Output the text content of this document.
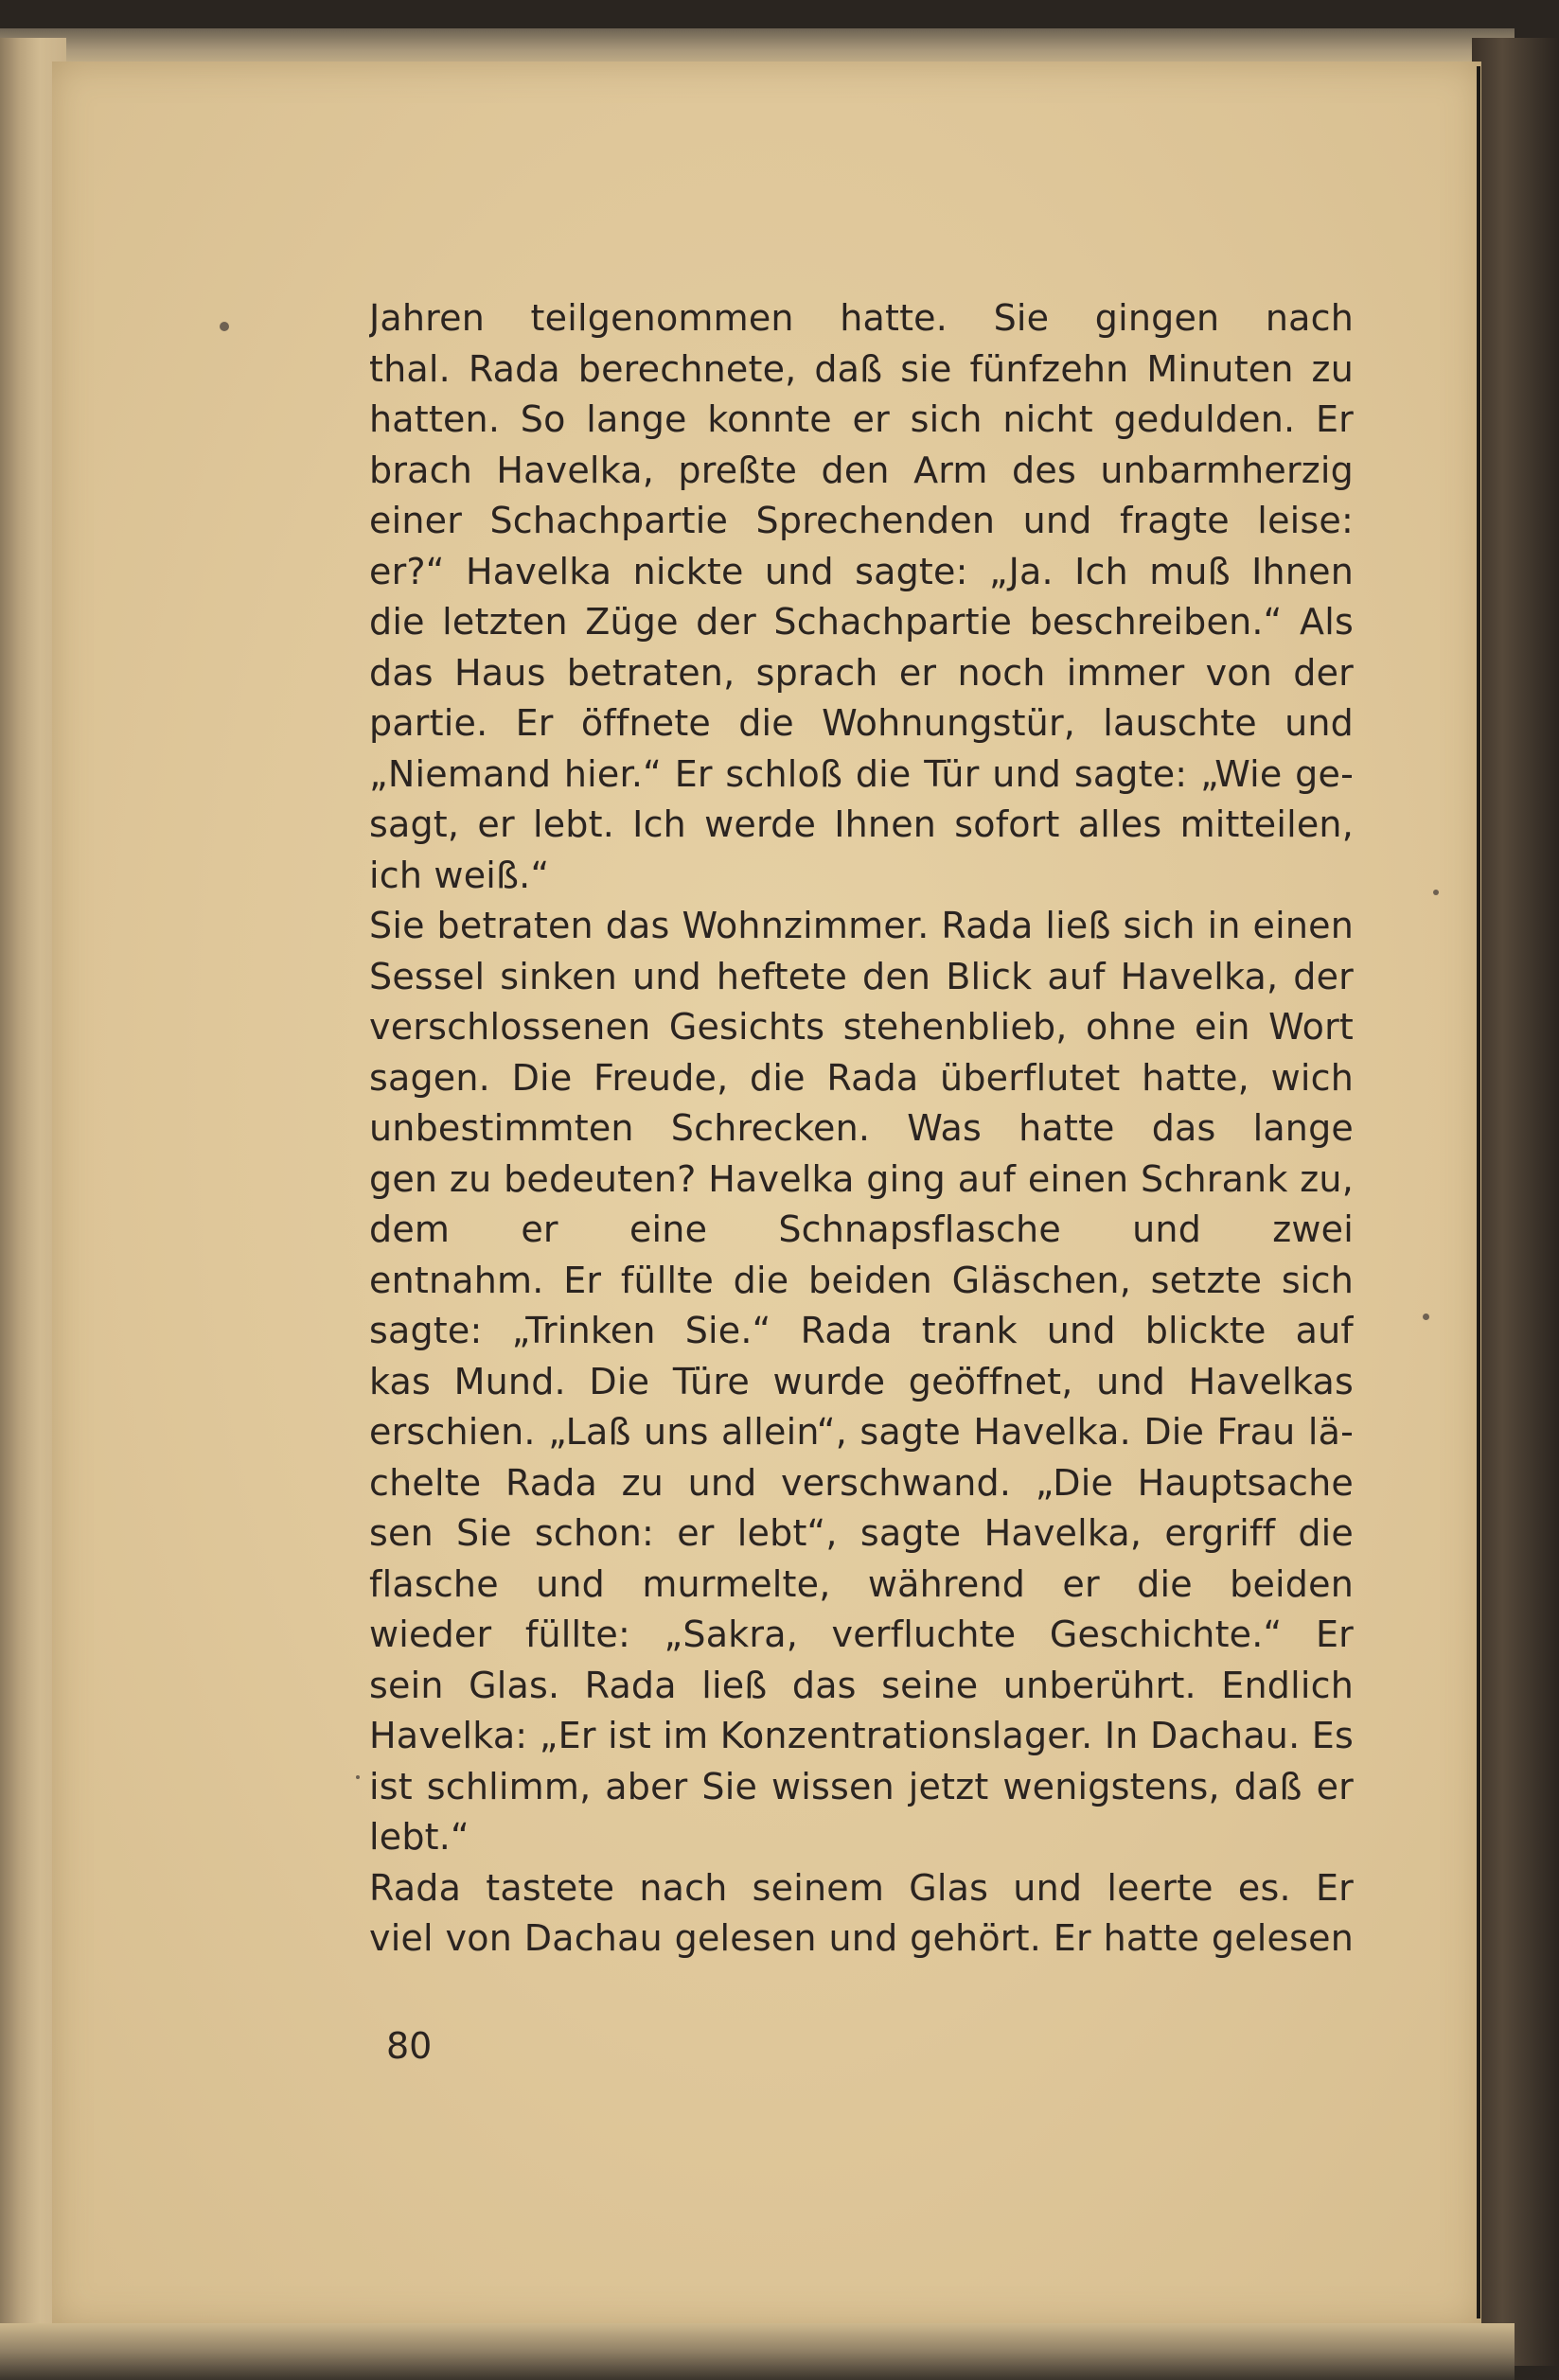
Jahren teilgenommen hatte. Sie gingen nach
thal. Rada berechnete, daß sie fünfzehn Minuten zu
hatten. So lange konnte er sich nicht gedulden. Er
brach Havelka, preßte den Arm des unbarmherzig
einer Schachpartie Sprechenden und fragte leise:
er?“ Havelka nickte und sagte: „Ja. Ich muß Ihnen
die letzten Züge der Schachpartie beschreiben.“ Als
das Haus betraten, sprach er noch immer von der
partie. Er öffnete die Wohnungstür, lauschte und
„Niemand hier.“ Er schloß die Tür und sagte: „Wie ge-
sagt, er lebt. Ich werde Ihnen sofort alles mitteilen,
ich weiß.“
Sie betraten das Wohnzimmer. Rada ließ sich in einen
Sessel sinken und heftete den Blick auf Havelka, der
verschlossenen Gesichts stehenblieb, ohne ein Wort
sagen. Die Freude, die Rada überflutet hatte, wich
unbestimmten Schrecken. Was hatte das lange
gen zu bedeuten? Havelka ging auf einen Schrank zu,
dem er eine Schnapsflasche und zwei
entnahm. Er füllte die beiden Gläschen, setzte sich
sagte: „Trinken Sie.“ Rada trank und blickte auf
kas Mund. Die Türe wurde geöffnet, und Havelkas
erschien. „Laß uns allein“, sagte Havelka. Die Frau lä-
chelte Rada zu und verschwand. „Die Hauptsache
sen Sie schon: er lebt“, sagte Havelka, ergriff die
flasche und murmelte, während er die beiden
wieder füllte: „Sakra, verfluchte Geschichte.“ Er
sein Glas. Rada ließ das seine unberührt. Endlich
Havelka: „Er ist im Konzentrationslager. In Dachau. Es
ist schlimm, aber Sie wissen jetzt wenigstens, daß er
lebt.“
Rada tastete nach seinem Glas und leerte es. Er
viel von Dachau gelesen und gehört. Er hatte gelesen
80
